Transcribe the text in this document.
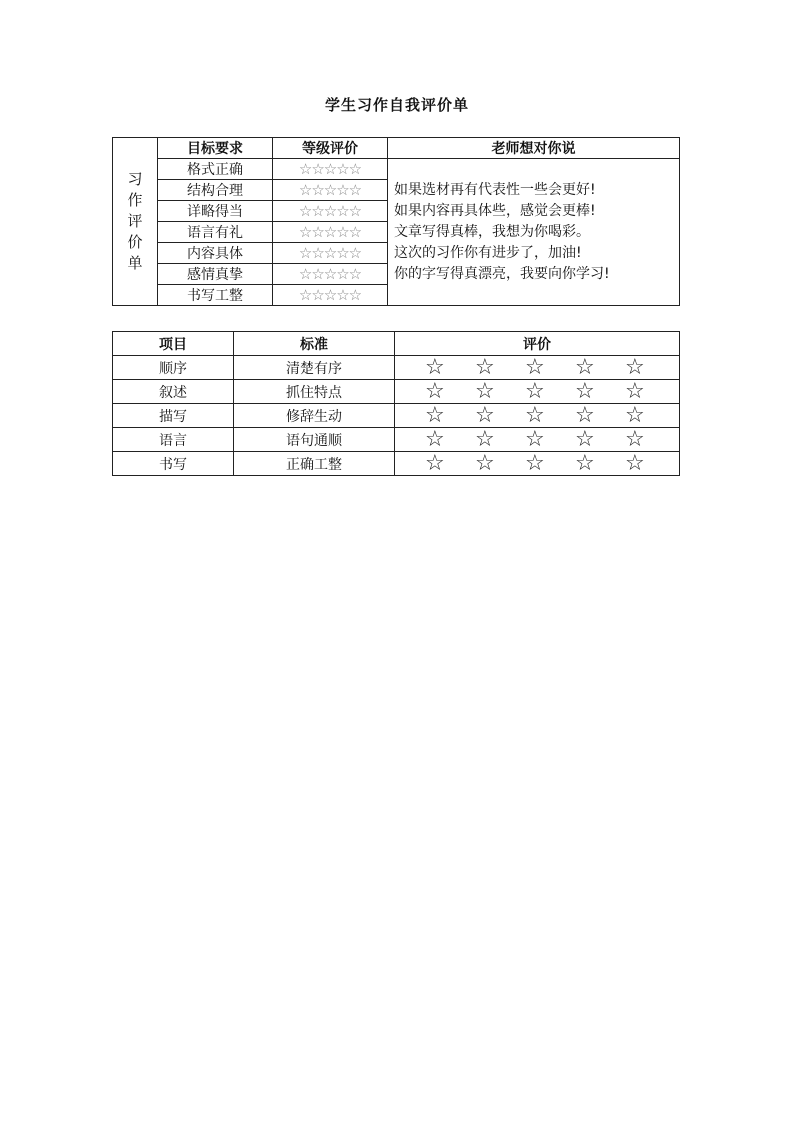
学生习作自我评价单
习
作
评
价
单	目标要求	等级评价	老师想对你说
	格式正确	☆☆☆☆☆	如果选材再有代表性一些会更好!
如果内容再具体些，感觉会更棒!
文章写得真棒，我想为你喝彩。
这次的习作你有进步了，加油!
你的字写得真漂亮，我要向你学习!

	结构合理	☆☆☆☆☆	
	详略得当	☆☆☆☆☆	
	语言有礼	☆☆☆☆☆	
	内容具体	☆☆☆☆☆	
	感情真挚	☆☆☆☆☆	
	书写工整	☆☆☆☆☆	
项目	标准	评价
顺序	清楚有序	☆ ☆ ☆ ☆ ☆
叙述	抓住特点	☆ ☆ ☆ ☆ ☆
描写	修辞生动	☆ ☆ ☆ ☆ ☆
语言	语句通顺	☆ ☆ ☆ ☆ ☆
书写	正确工整	☆ ☆ ☆ ☆ ☆
